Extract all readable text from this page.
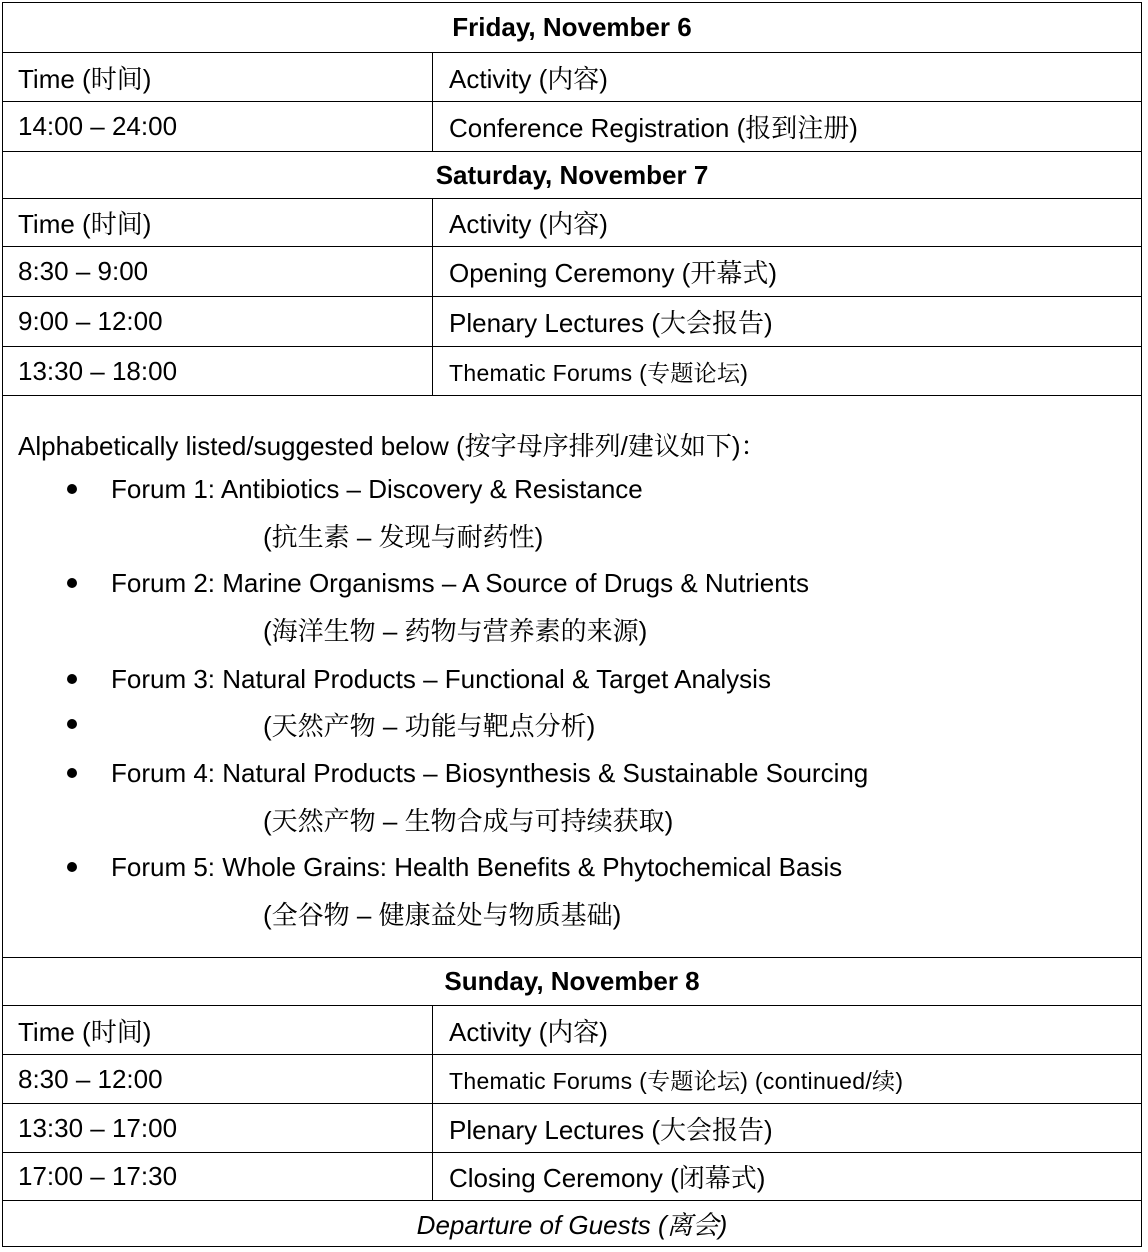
Friday, November 6
Time (时间)	Activity (内容)
14:00 – 24:00	Conference Registration (报到注册)
Saturday, November 7
Time (时间)	Activity (内容)
8:30 – 9:00	Opening Ceremony (开幕式)
9:00 – 12:00	Plenary Lectures (大会报告)
13:30 – 18:00	Thematic Forums (专题论坛)
Alphabetically listed/suggested below (按字母序排列/建议如下)：
Forum 1: Antibiotics – Discovery & Resistance
(抗生素 – 发现与耐药性)
Forum 2: Marine Organisms – A Source of Drugs & Nutrients
(海洋生物 – 药物与营养素的来源)
Forum 3: Natural Products – Functional & Target Analysis
(天然产物 – 功能与靶点分析)
Forum 4: Natural Products – Biosynthesis & Sustainable Sourcing
(天然产物 – 生物合成与可持续获取)
Forum 5: Whole Grains: Health Benefits & Phytochemical Basis
(全谷物 – 健康益处与物质基础)
Sunday, November 8
Time (时间)	Activity (内容)
8:30 – 12:00	Thematic Forums (专题论坛) (continued/续)
13:30 – 17:00	Plenary Lectures (大会报告)
17:00 – 17:30	Closing Ceremony (闭幕式)
Departure of Guests (离会)
